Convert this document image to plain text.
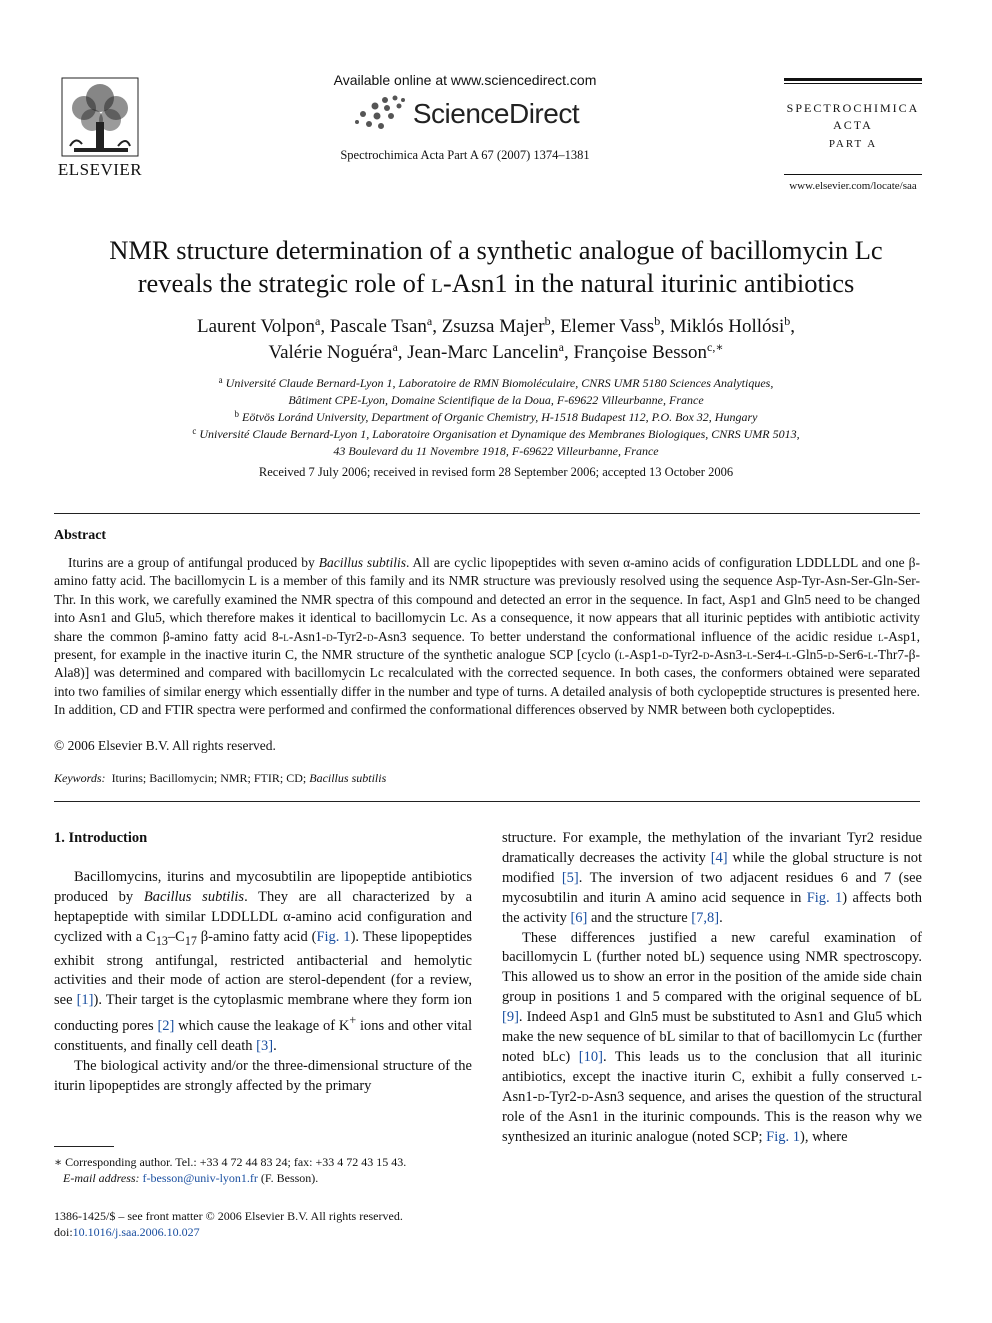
ELSEVIER
Available online at www.sciencedirect.com
ScienceDirect
Spectrochimica Acta Part A 67 (2007) 1374–1381
SPECTROCHIMICA
ACTA
PART A
www.elsevier.com/locate/saa
NMR structure determination of a synthetic analogue of bacillomycin Lc
reveals the strategic role of l-Asn1 in the natural iturinic antibiotics
Laurent Volpon$^a$, Pascale Tsan$^a$, Zsuzsa Majer$^b$, Elemer Vass$^b$, Miklós Hollósi$^b$,
Valérie Noguéra$^a$, Jean-Marc Lancelin$^a$, Françoise Besson$^{c,∗}$
$^a$ Université Claude Bernard-Lyon 1, Laboratoire de RMN Biomoléculaire, CNRS UMR 5180 Sciences Analytiques,
Bâtiment CPE-Lyon, Domaine Scientifique de la Doua, F-69622 Villeurbanne, France
$^b$ Eötvös Loránd University, Department of Organic Chemistry, H-1518 Budapest 112, P.O. Box 32, Hungary
$^c$ Université Claude Bernard-Lyon 1, Laboratoire Organisation et Dynamique des Membranes Biologiques, CNRS UMR 5013,
43 Boulevard du 11 Novembre 1918, F-69622 Villeurbanne, France
Received 7 July 2006; received in revised form 28 September 2006; accepted 13 October 2006
Abstract
Iturins are a group of antifungal produced by Bacillus subtilis. All are cyclic lipopeptides with seven α-amino acids of configuration LDDLLDL and one β-amino fatty acid. The bacillomycin L is a member of this family and its NMR structure was previously resolved using the sequence Asp-Tyr-Asn-Ser-Gln-Ser-Thr. In this work, we carefully examined the NMR spectra of this compound and detected an error in the sequence. In fact, Asp1 and Gln5 need to be changed into Asn1 and Glu5, which therefore makes it identical to bacillomycin Lc. As a consequence, it now appears that all iturinic peptides with antibiotic activity share the common β-amino fatty acid 8-l-Asn1-d-Tyr2-d-Asn3 sequence. To better understand the conformational influence of the acidic residue l-Asp1, present, for example in the inactive iturin C, the NMR structure of the synthetic analogue SCP [cyclo (l-Asp1-d-Tyr2-d-Asn3-l-Ser4-l-Gln5-d-Ser6-l-Thr7-β-Ala8)] was determined and compared with bacillomycin Lc recalculated with the corrected sequence. In both cases, the conformers obtained were separated into two families of similar energy which essentially differ in the number and type of turns. A detailed analysis of both cyclopeptide structures is presented here. In addition, CD and FTIR spectra were performed and confirmed the conformational differences observed by NMR between both cyclopeptides.
© 2006 Elsevier B.V. All rights reserved.
Keywords: Iturins; Bacillomycin; NMR; FTIR; CD; Bacillus subtilis
1. Introduction

Bacillomycins, iturins and mycosubtilin are lipopeptide antibiotics produced by Bacillus subtilis. They are all characterized by a heptapeptide with similar LDDLLDL α-amino acid configuration and cyclized with a $C_{13}-C_{17}$ β-amino fatty acid (Fig. 1). These lipopeptides exhibit strong antifungal, restricted antibacterial and hemolytic activities and their mode of action are sterol-dependent (for a review, see [1]). Their target is the cytoplasmic membrane where they form ion conducting pores [2] which cause the leakage of K+ ions and other vital constituents, and finally cell death [3].

The biological activity and/or the three-dimensional structure of the iturin lipopeptides are strongly affected by the primary

structure. For example, the methylation of the invariant Tyr2 residue dramatically decreases the activity [4] while the global structure is not modified [5]. The inversion of two adjacent residues 6 and 7 (see mycosubtilin and iturin A amino acid sequence in Fig. 1) affects both the activity [6] and the structure [7,8].

These differences justified a new careful examination of bacillomycin L (further noted bL) sequence using NMR spectroscopy. This allowed us to show an error in the position of the amide side chain group in positions 1 and 5 compared with the original sequence of bL [9]. Indeed Asp1 and Gln5 must be substituted to Asn1 and Glu5 which make the new sequence of bL similar to that of bacillomycin Lc (further noted bLc) [10]. This leads us to the conclusion that all iturinic antibiotics, except the inactive iturin C, exhibit a fully conserved l-Asn1-d-Tyr2-d-Asn3 sequence, and arises the question of the structural role of the Asn1 in the iturinic compounds. This is the reason why we synthesized an iturinic analogue (noted SCP; Fig. 1), where

∗ Corresponding author. Tel.: +33 4 72 44 83 24; fax: +33 4 72 43 15 43.
E-mail address: f-besson@univ-lyon1.fr (F. Besson).
1386-1425/$ – see front matter © 2006 Elsevier B.V. All rights reserved.
doi:10.1016/j.saa.2006.10.027
